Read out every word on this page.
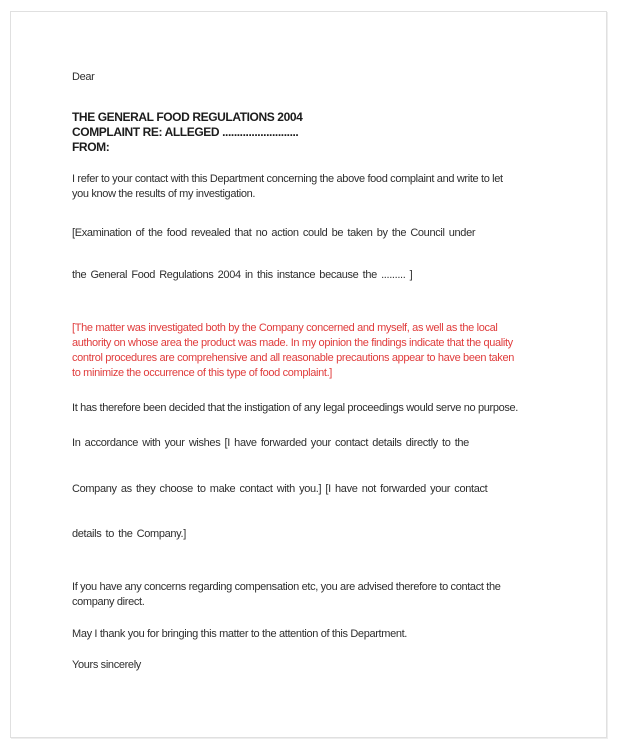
Dear
THE GENERAL FOOD REGULATIONS 2004
COMPLAINT RE: ALLEGED ..........................
FROM:
I refer to your contact with this Department concerning the above food complaint and write to let
you know the results of my investigation.
[Examination of the food revealed that no action could be taken by the Council under
the General Food Regulations 2004 in this instance because the ......... ]
[The matter was investigated both by the Company concerned and myself, as well as the local
authority on whose area the product was made. In my opinion the findings indicate that the quality
control procedures are comprehensive and all reasonable precautions appear to have been taken
to minimize the occurrence of this type of food complaint.]
It has therefore been decided that the instigation of any legal proceedings would serve no purpose.
In accordance with your wishes [I have forwarded your contact details directly to the
Company as they choose to make contact with you.] [I have not forwarded your contact
details to the Company.]
If you have any concerns regarding compensation etc, you are advised therefore to contact the
company direct.
May I thank you for bringing this matter to the attention of this Department.
Yours sincerely
